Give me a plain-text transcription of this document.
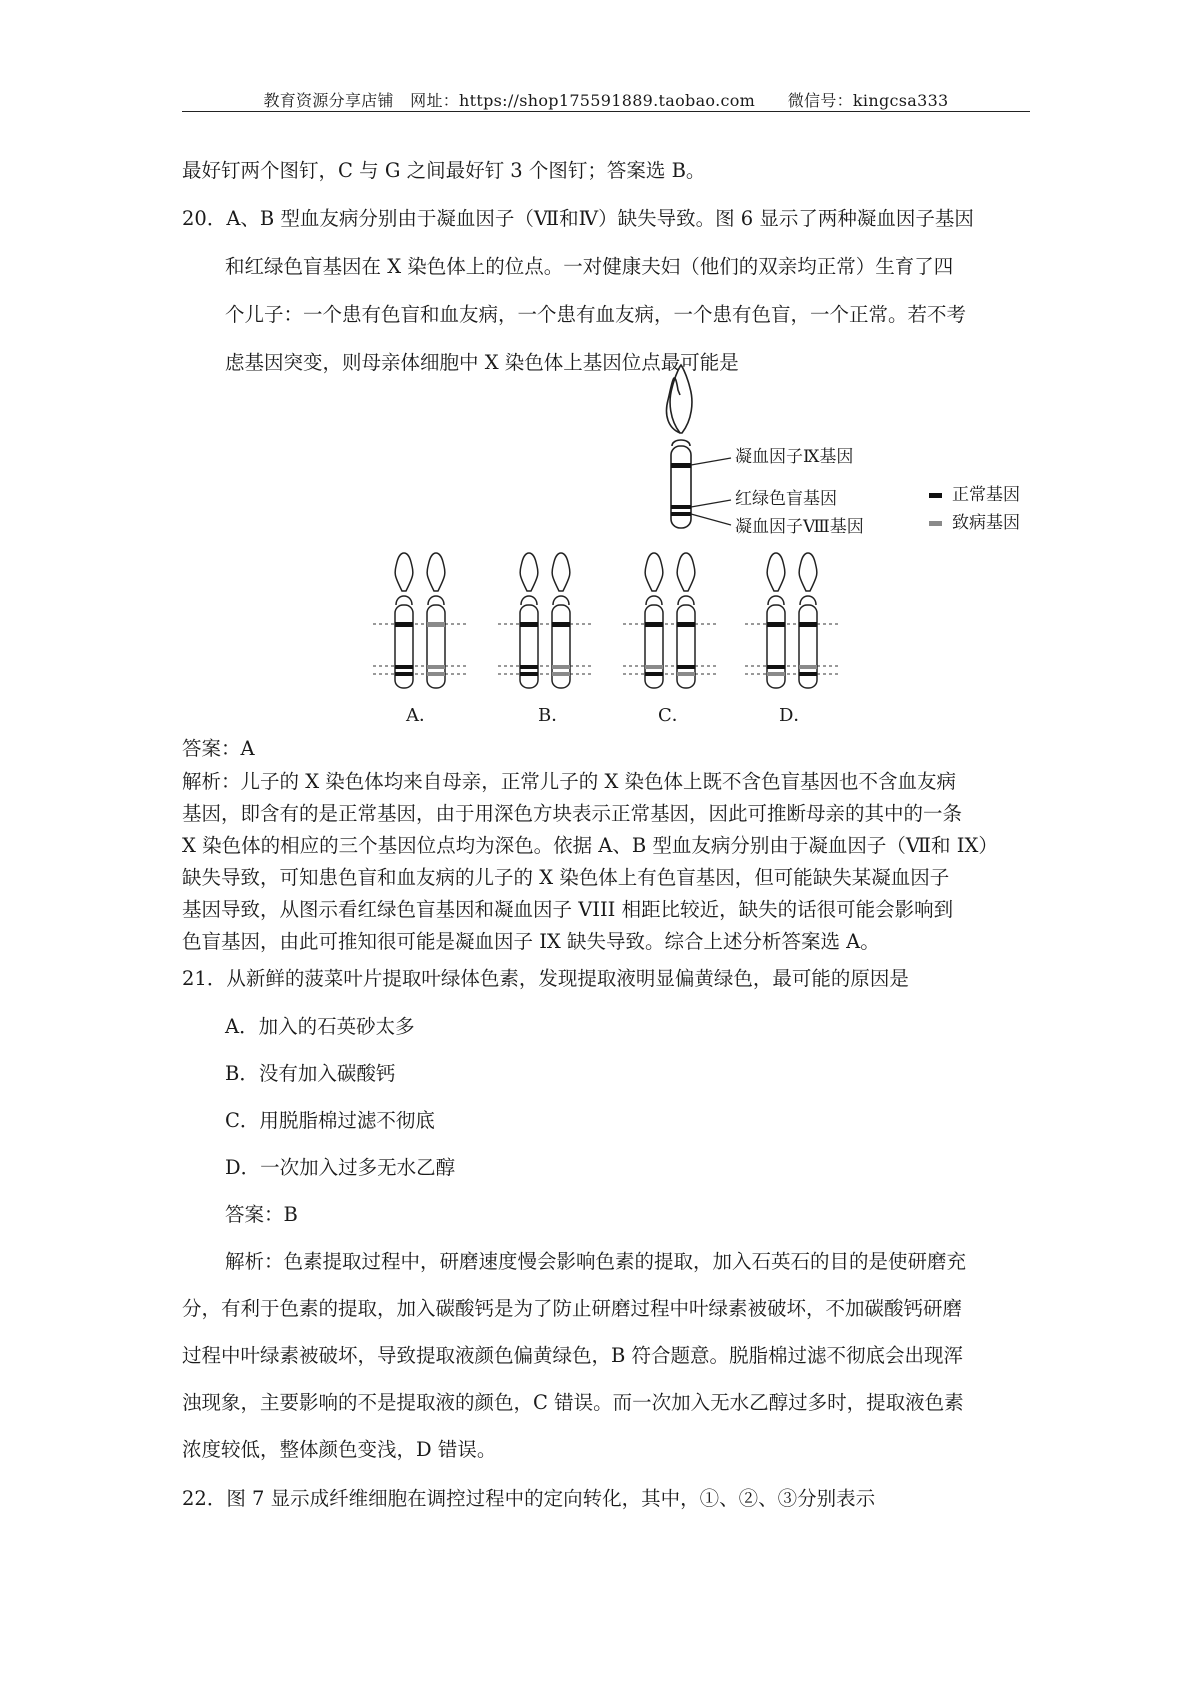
教育资源分享店铺　网址：https://shop175591889.taobao.com　　微信号：kingcsa333
最好钉两个图钉，C 与 G 之间最好钉 3 个图钉；答案选 B。
20．A、B 型血友病分别由于凝血因子（Ⅶ和Ⅳ）缺失导致。图 6 显示了两种凝血因子基因
和红绿色盲基因在 X 染色体上的位点。一对健康夫妇（他们的双亲均正常）生育了四
个儿子：一个患有色盲和血友病，一个患有血友病，一个患有色盲，一个正常。若不考
虑基因突变，则母亲体细胞中 X 染色体上基因位点最可能是
凝血因子Ⅸ基因
红绿色盲基因
凝血因子Ⅷ基因
正常基因
致病基因
A．	B．	C．	D．
答案：A
解析：儿子的 X 染色体均来自母亲，正常儿子的 X 染色体上既不含色盲基因也不含血友病
基因，即含有的是正常基因，由于用深色方块表示正常基因，因此可推断母亲的其中的一条
X 染色体的相应的三个基因位点均为深色。依据 A、B 型血友病分别由于凝血因子（Ⅶ和 IX）
缺失导致，可知患色盲和血友病的儿子的 X 染色体上有色盲基因，但可能缺失某凝血因子
基因导致，从图示看红绿色盲基因和凝血因子 VIII 相距比较近，缺失的话很可能会影响到
色盲基因，由此可推知很可能是凝血因子 IX 缺失导致。综合上述分析答案选 A。
21．从新鲜的菠菜叶片提取叶绿体色素，发现提取液明显偏黄绿色，最可能的原因是
A．加入的石英砂太多
B．没有加入碳酸钙
C．用脱脂棉过滤不彻底
D．一次加入过多无水乙醇
答案：B
解析：色素提取过程中，研磨速度慢会影响色素的提取，加入石英石的目的是使研磨充
分，有利于色素的提取，加入碳酸钙是为了防止研磨过程中叶绿素被破坏，不加碳酸钙研磨
过程中叶绿素被破坏，导致提取液颜色偏黄绿色，B 符合题意。脱脂棉过滤不彻底会出现浑
浊现象，主要影响的不是提取液的颜色，C 错误。而一次加入无水乙醇过多时，提取液色素
浓度较低，整体颜色变浅，D 错误。
22．图 7 显示成纤维细胞在调控过程中的定向转化，其中，①、②、③分别表示
